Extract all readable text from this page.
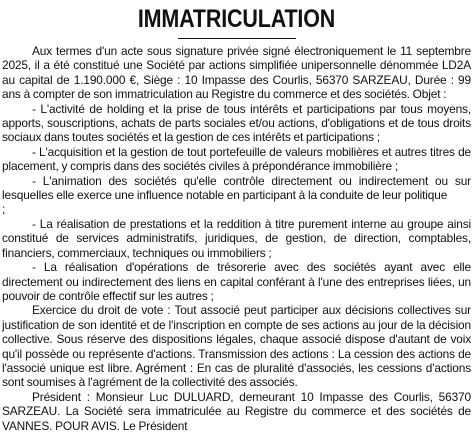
IMMATRICULATION

Aux termes d'un acte sous signature privée signé électroniquement le 11 septembre 2025, il a été constitué une Société par actions simplifiée unipersonnelle dénommée LD2A au capital de 1.190.000 €, Siège : 10 Impasse des Courlis, 56370 SARZEAU, Durée : 99 ans à compter de son immatriculation au Registre du commerce et des sociétés. Objet :

- L'activité de holding et la prise de tous intérêts et participations par tous moyens, apports, souscriptions, achats de parts sociales et/ou actions, d'obligations et de tous droits sociaux dans toutes sociétés et la gestion de ces intérêts et participations ;

- L'acquisition et la gestion de tout portefeuille de valeurs mobilières et autres titres de placement, y compris dans des sociétés civiles à prépondérance immobilière ;

- L'animation des sociétés qu'elle contrôle directement ou indirectement ou sur lesquelles elle exerce une influence notable en participant à la conduite de leur politique

;

- La réalisation de prestations et la reddition à titre purement interne au groupe ainsi constitué de services administratifs, juridiques, de gestion, de direction, comptables, financiers, commerciaux, techniques ou immobiliers ;

- La réalisation d'opérations de trésorerie avec des sociétés ayant avec elle directement ou indirectement des liens en capital conférant à l'une des entreprises liées, un pouvoir de contrôle effectif sur les autres ;

Exercice du droit de vote : Tout associé peut participer aux décisions collectives sur justification de son identité et de l'inscription en compte de ses actions au jour de la décision collective. Sous réserve des dispositions légales, chaque associé dispose d'autant de voix qu'il possède ou représente d'actions. Transmission des actions : La cession des actions de l'associé unique est libre. Agrément : En cas de pluralité d'associés, les cessions d'actions sont soumises à l'agrément de la collectivité des associés.

Président : Monsieur Luc DULUARD, demeurant 10 Impasse des Courlis, 56370 SARZEAU. La Société sera immatriculée au Registre du commerce et des sociétés de VANNES. POUR AVIS. Le Président
